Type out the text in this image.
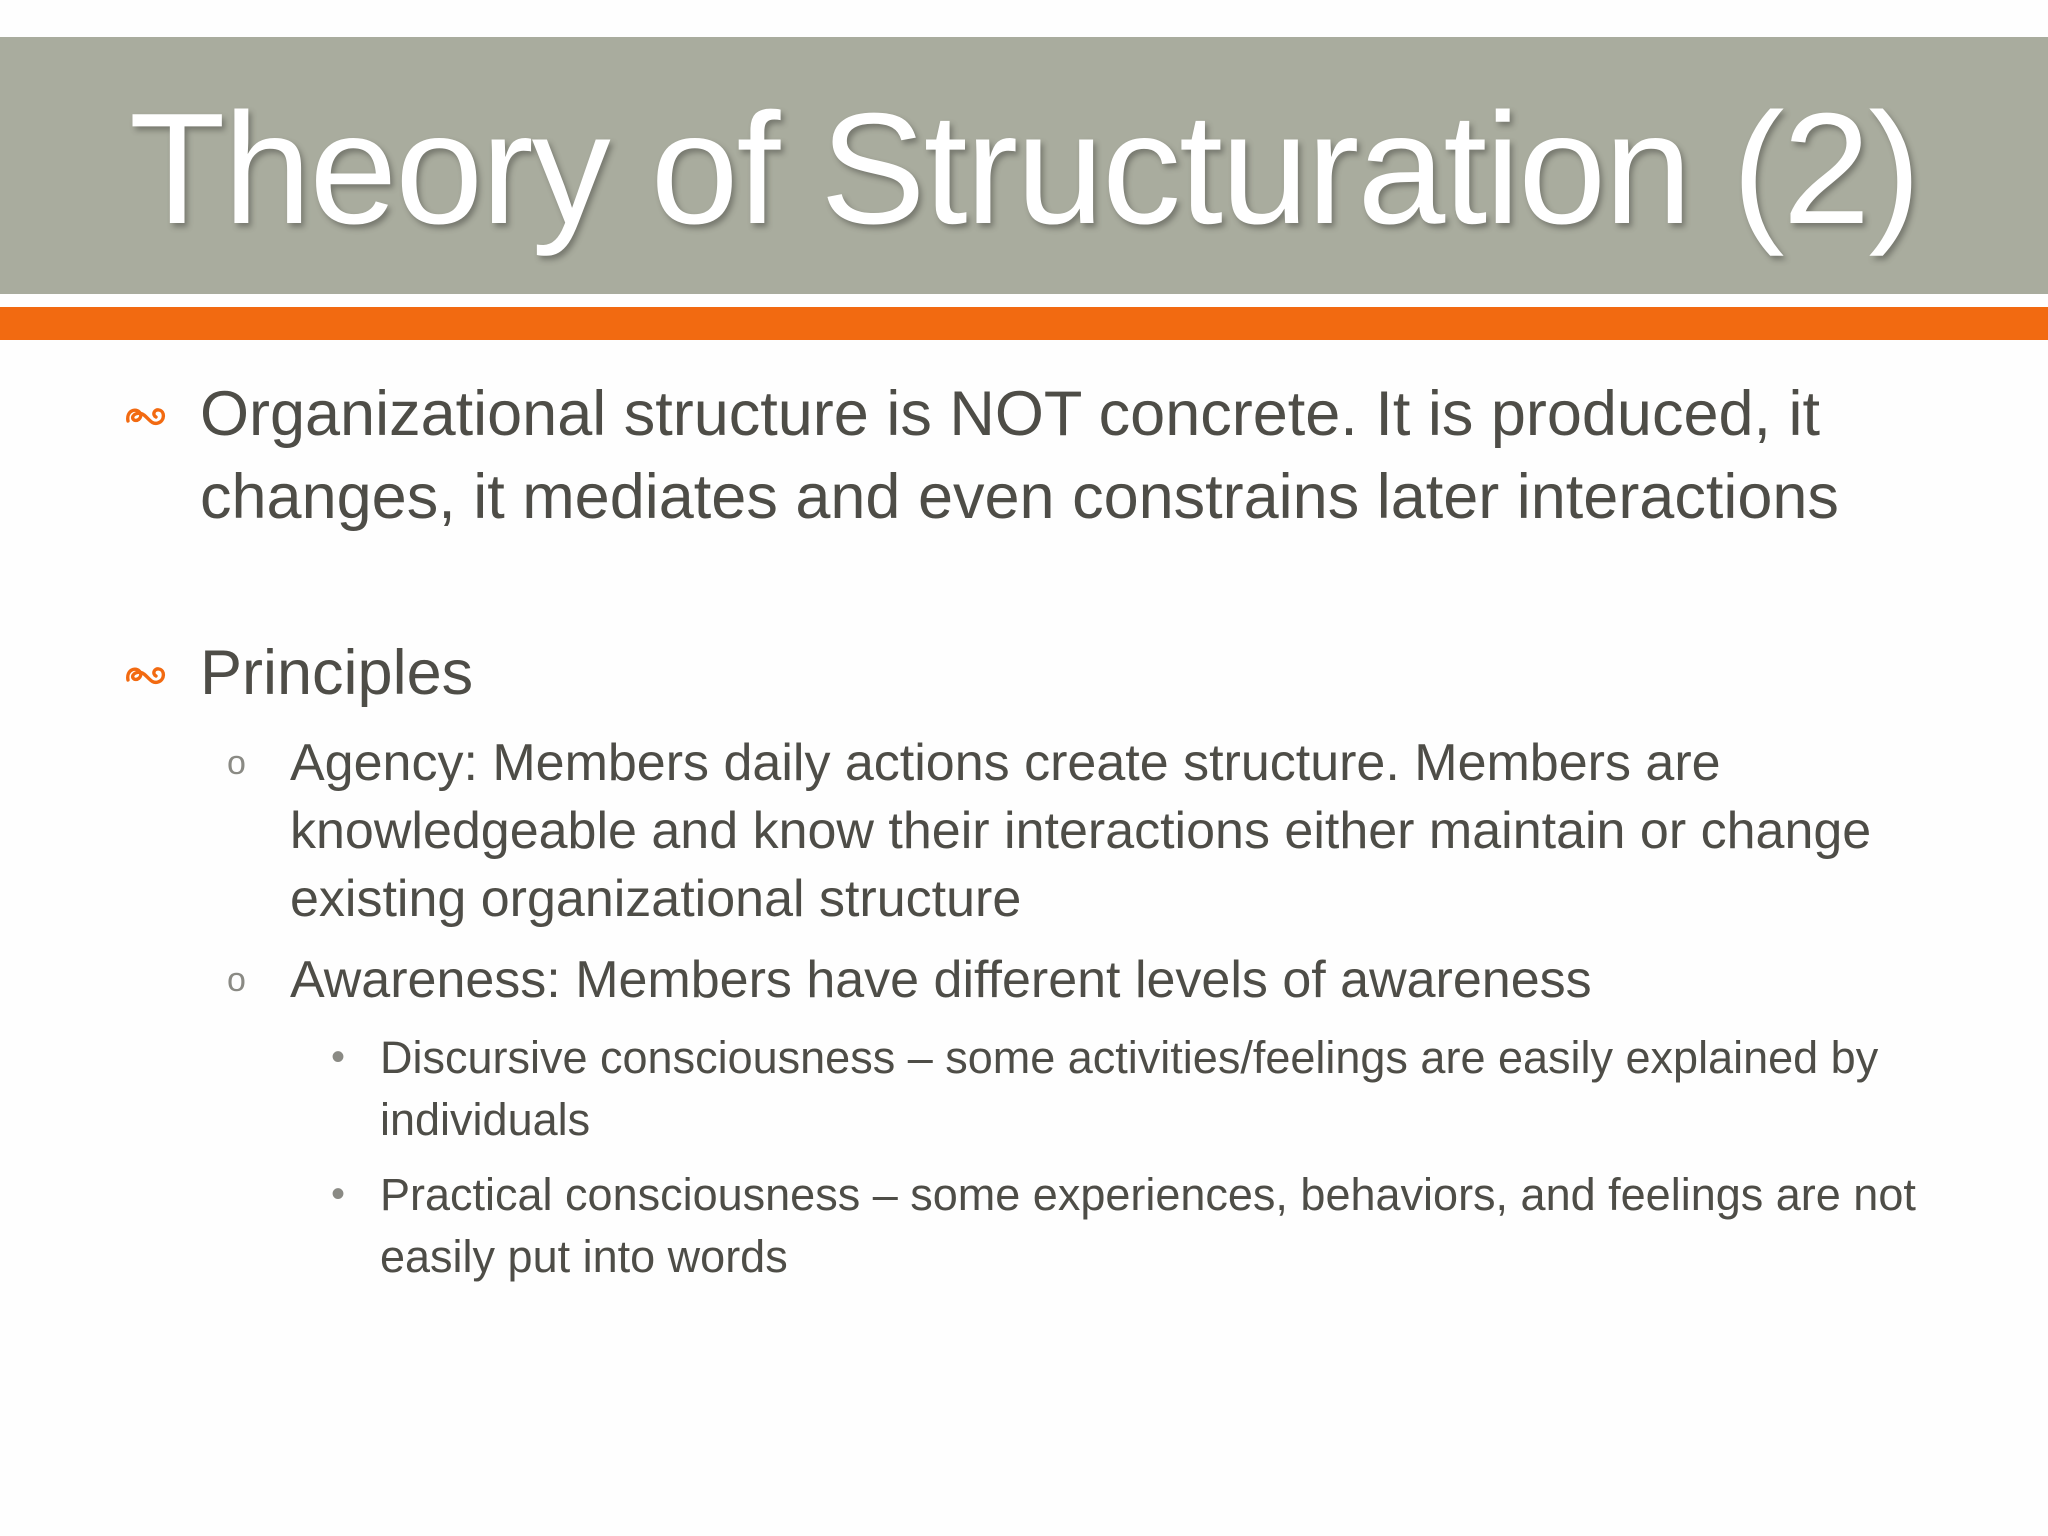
Theory of Structuration (2)
Organizational structure is NOT concrete. It is produced, it changes, it mediates and even constrains later interactions
Principles
o Agency: Members daily actions create structure. Members are knowledgeable and know their interactions either maintain or change existing organizational structure
o Awareness: Members have different levels of awareness
• Discursive consciousness – some activities/feelings are easily explained by individuals
• Practical consciousness – some experiences, behaviors, and feelings are not easily put into words
